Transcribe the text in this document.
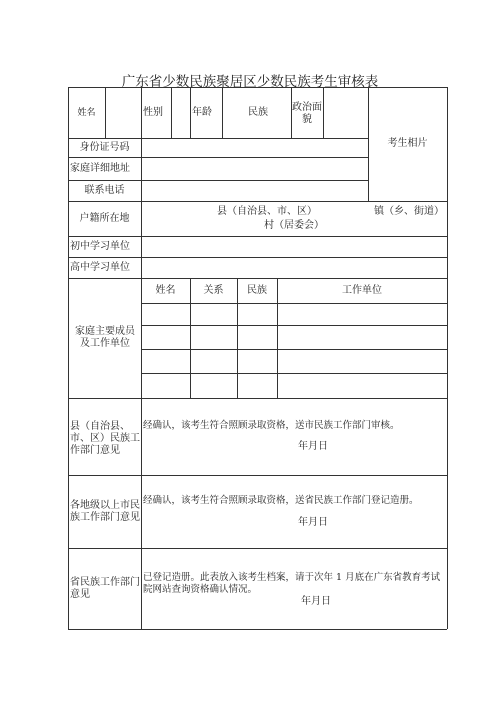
广东省少数民族聚居区少数民族考生审核表
姓名	性别	年龄	民族 政治面貌
考生相片
身份证号码
家庭详细地址
联系电话
户籍所在地
县（自治县、市、区）	镇（乡、街道）
村（居委会）
初中学习单位
高中学习单位
家庭主要成员及工作单位
姓名	关系	民族	工作单位
县（自治县、市、区）民族工作部门意见
经确认，该考生符合照顾录取资格，送市民族工作部门审核。
年月日
各地级以上市民族工作部门意见
经确认，该考生符合照顾录取资格，送省民族工作部门登记造册。
年月日
省民族工作部门意见
已登记造册。此表放入该考生档案，请于次年 1 月底在广东省教育考试院网站查询资格确认情况。
年月日
